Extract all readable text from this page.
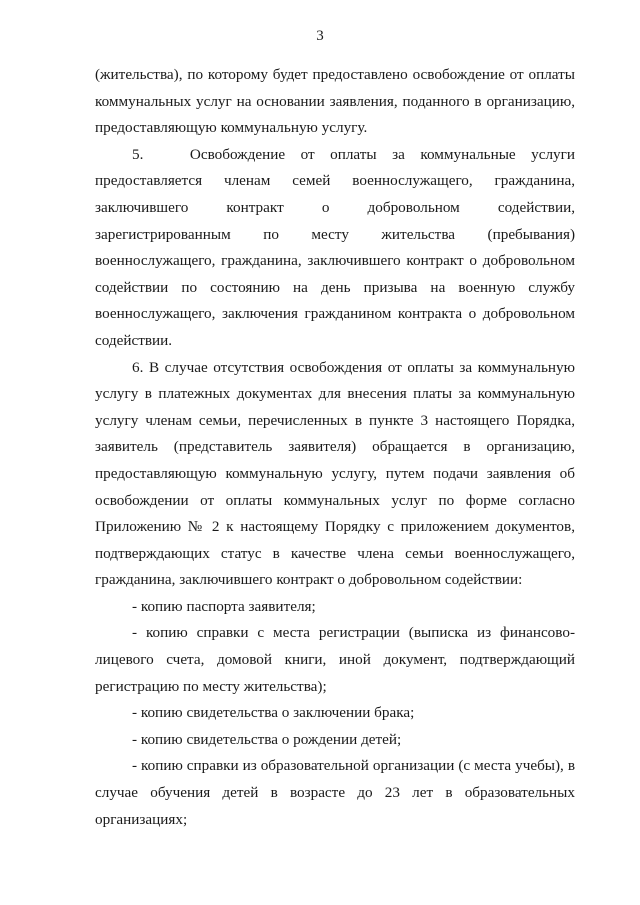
3

(жительства), по которому будет предоставлено освобождение от оплаты коммунальных услуг на основании заявления, поданного в организацию, предоставляющую коммунальную услугу.

5.   Освобождение от оплаты за коммунальные услуги предоставляется членам семей военнослужащего, гражданина, заключившего контракт о добровольном содействии, зарегистрированным по месту жительства (пребывания) военнослужащего, гражданина, заключившего контракт о добровольном содействии по состоянию на день призыва на военную службу военнослужащего, заключения гражданином контракта о добровольном содействии.

6. В случае отсутствия освобождения от оплаты за коммунальную услугу в платежных документах для внесения платы за коммунальную услугу членам семьи, перечисленных в пункте 3 настоящего Порядка, заявитель (представитель заявителя) обращается в организацию, предоставляющую коммунальную услугу, путем подачи заявления об освобождении от оплаты коммунальных услуг по форме согласно Приложению № 2 к настоящему Порядку с приложением документов, подтверждающих статус в качестве члена семьи военнослужащего, гражданина, заключившего контракт о добровольном содействии:

- копию паспорта заявителя;

- копию справки с места регистрации (выписка из финансово-лицевого счета, домовой книги, иной документ, подтверждающий регистрацию по месту жительства);

- копию свидетельства о заключении брака;

- копию свидетельства о рождении детей;

- копию справки из образовательной организации (с места учебы), в случае обучения детей в возрасте до 23 лет в образовательных организациях;
